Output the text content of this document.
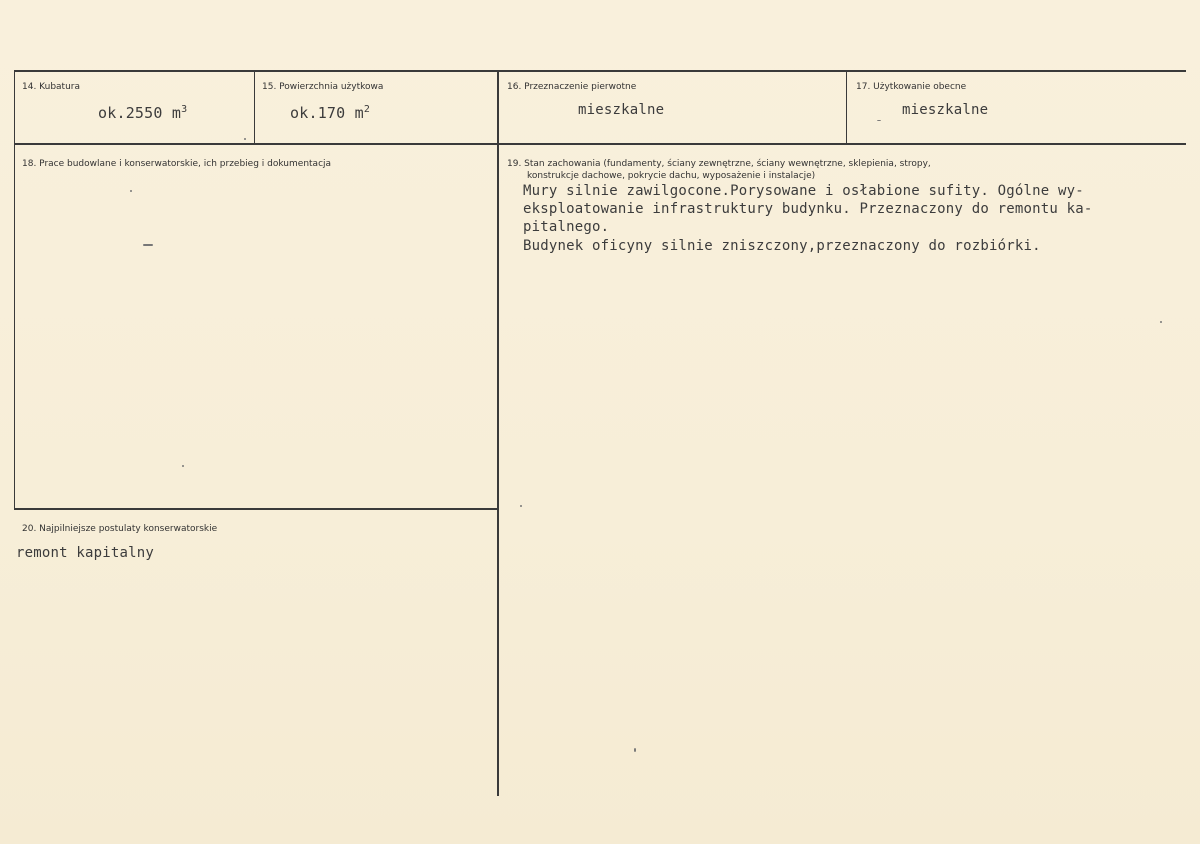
14. Kubatura
ok.2550 $m^3$
15. Powierzchnia użytkowa
ok.170 $m^2$
16. Przeznaczenie pierwotne
mieszkalne
17. Użytkowanie obecne
mieszkalne
18. Prace budowlane i konserwatorskie, ich przebieg i dokumentacja	19. Stan zachowania (fundamenty, ściany zewnętrzne, ściany wewnętrzne, sklepienia, stropy,
konstrukcje dachowe, pokrycie dachu, wyposażenie i instalacje)
Mury silnie zawilgocone.Porysowane i osłabione sufity. Ogólne wy-
eksploatowanie infrastruktury budynku. Przeznaczony do remontu ka-
pitalnego.
Budynek oficyny silnie zniszczony,przeznaczony do rozbiórki.
20. Najpilniejsze postulaty konserwatorskie
remont kapitalny
